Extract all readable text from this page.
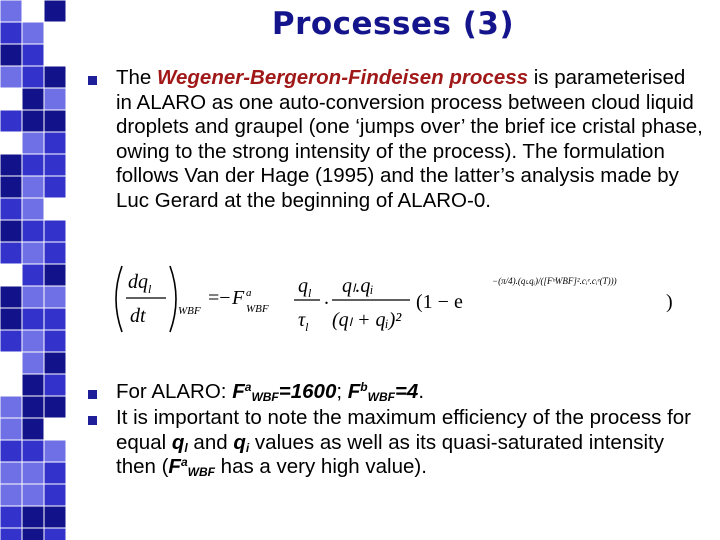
Processes (3)
The Wegener-Bergeron-Findeisen process is parameterised in ALARO as one auto-conversion process between cloud liquid droplets and graupel (one ‘jumps over’ the brief ice cristal phase, owing to the strong intensity of the process). The formulation follows Van der Hage (1995) and the latter’s analysis made by Luc Gerard at the beginning of ALARO-0.
$dq_l$
dt	WBF
=− F a
WBF
$q_l$
$\tau_l$
.
qₗ.qᵢ
(qₗ + qᵢ)²
(1 − e
−(π/4).(qₗ.qᵢ)/([FᵇWBF]².cᵢᵉ.cᵢᵉ(T)))
)
For ALARO: $F^a_{WBF}=1600$; $F^b_{WBF}=4$.
It is important to note the maximum efficiency of the process for equal $q_l$ and $q_i$ values as well as its quasi-saturated intensity then ($F^a_{WBF}$ has a very high value).
